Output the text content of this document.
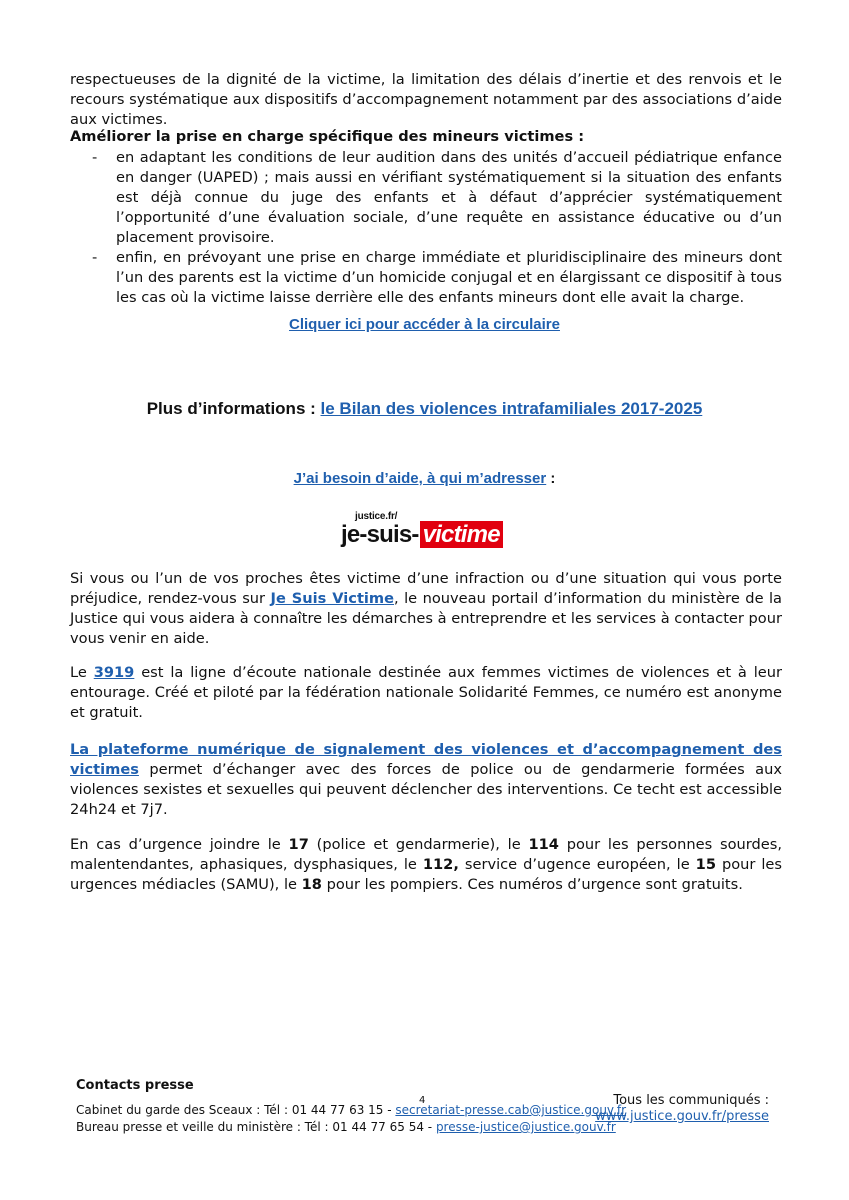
respectueuses de la dignité de la victime, la limitation des délais d’inertie et des renvois et le recours systématique aux dispositifs d’accompagnement notamment par des associations d’aide aux victimes.

Améliorer la prise en charge spécifique des mineurs victimes :

- en adaptant les conditions de leur audition dans des unités d’accueil pédiatrique enfance en danger (UAPED) ; mais aussi en vérifiant systématiquement si la situation des enfants est déjà connue du juge des enfants et à défaut d’apprécier systématiquement l’opportunité d’une évaluation sociale, d’une requête en assistance éducative ou d’un placement provisoire.
- enfin, en prévoyant une prise en charge immédiate et pluridisciplinaire des mineurs dont l’un des parents est la victime d’un homicide conjugal et en élargissant ce dispositif à tous les cas où la victime laisse derrière elle des enfants mineurs dont elle avait la charge.
Cliquer ici pour accéder à la circulaire
Plus d’informations : le Bilan des violences intrafamiliales 2017-2025
J’ai besoin d’aide, à qui m’adresser :
justice.fr/
je-suis- victime

Si vous ou l’un de vos proches êtes victime d’une infraction ou d’une situation qui vous porte préjudice, rendez-vous sur Je Suis Victime, le nouveau portail d’information du ministère de la Justice qui vous aidera à connaître les démarches à entreprendre et les services à contacter pour vous venir en aide.

Le 3919 est la ligne d’écoute nationale destinée aux femmes victimes de violences et à leur entourage. Créé et piloté par la fédération nationale Solidarité Femmes, ce numéro est anonyme et gratuit.

La plateforme numérique de signalement des violences et d’accompagnement des victimes permet d’échanger avec des forces de police ou de gendarmerie formées aux violences sexistes et sexuelles qui peuvent déclencher des interventions. Ce techt est accessible 24h24 et 7j7.

En cas d’urgence joindre le 17 (police et gendarmerie), le 114 pour les personnes sourdes, malentendantes, aphasiques, dysphasiques, le 112, service d’ugence européen, le 15 pour les urgences médiacles (SAMU), le 18 pour les pompiers. Ces numéros d’urgence sont gratuits.

Contacts presse
4
Cabinet du garde des Sceaux : Tél : 01 44 77 63 15 - secretariat-presse.cab@justice.gouv.fr
Bureau presse et veille du ministère : Tél : 01 44 77 65 54 - presse-justice@justice.gouv.fr
Tous les communiqués :
www.justice.gouv.fr/presse
